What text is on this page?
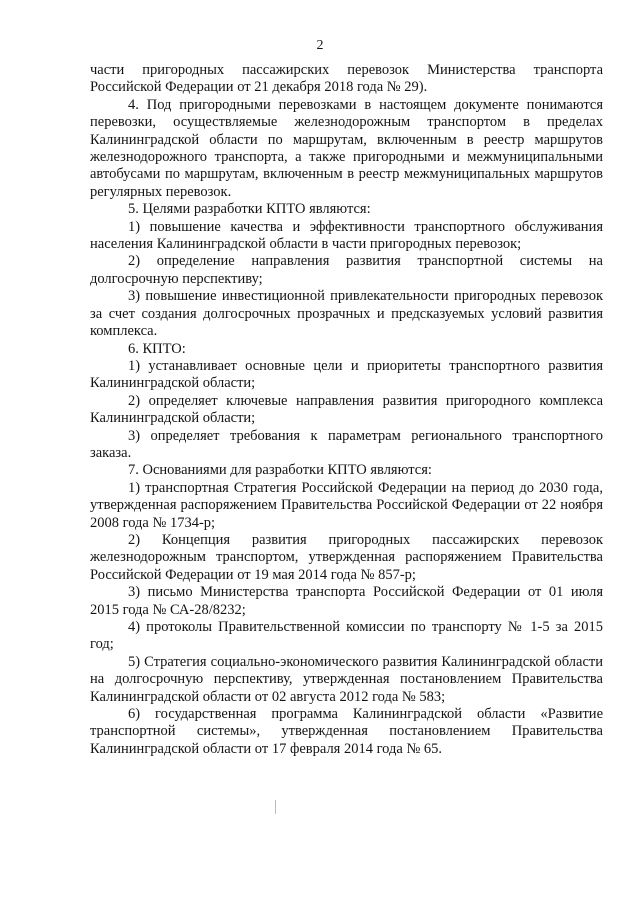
2

части пригородных пассажирских перевозок Министерства транспорта Российской Федерации от 21 декабря 2018 года № 29).

4. Под пригородными перевозками в настоящем документе понимаются перевозки, осуществляемые железнодорожным транспортом в пределах Калининградской области по маршрутам, включенным в реестр маршрутов железнодорожного транспорта, а также пригородными и межмуниципальными автобусами по маршрутам, включенным в реестр межмуниципальных маршрутов регулярных перевозок.

5. Целями разработки КПТО являются:

1) повышение качества и эффективности транспортного обслуживания населения Калининградской области в части пригородных перевозок;

2) определение направления развития транспортной системы на долгосрочную перспективу;

3) повышение инвестиционной привлекательности пригородных перевозок за счет создания долгосрочных прозрачных и предсказуемых условий развития комплекса.

6. КПТО:

1) устанавливает основные цели и приоритеты транспортного развития Калининградской области;

2) определяет ключевые направления развития пригородного комплекса Калининградской области;

3) определяет требования к параметрам регионального транспортного заказа.

7. Основаниями для разработки КПТО являются:

1) транспортная Стратегия Российской Федерации на период до 2030 года, утвержденная распоряжением Правительства Российской Федерации от 22 ноября 2008 года № 1734-р;

2) Концепция развития пригородных пассажирских перевозок железнодорожным транспортом, утвержденная распоряжением Правительства Российской Федерации от 19 мая 2014 года № 857-р;

3) письмо Министерства транспорта Российской Федерации от 01 июля 2015 года № СА-28/8232;

4) протоколы Правительственной комиссии по транспорту № 1-5 за 2015 год;

5) Стратегия социально-экономического развития Калининградской области на долгосрочную перспективу, утвержденная постановлением Правительства Калининградской области от 02 августа 2012 года № 583;

6) государственная программа Калининградской области «Развитие транспортной системы», утвержденная постановлением Правительства Калининградской области от 17 февраля 2014 года № 65.
